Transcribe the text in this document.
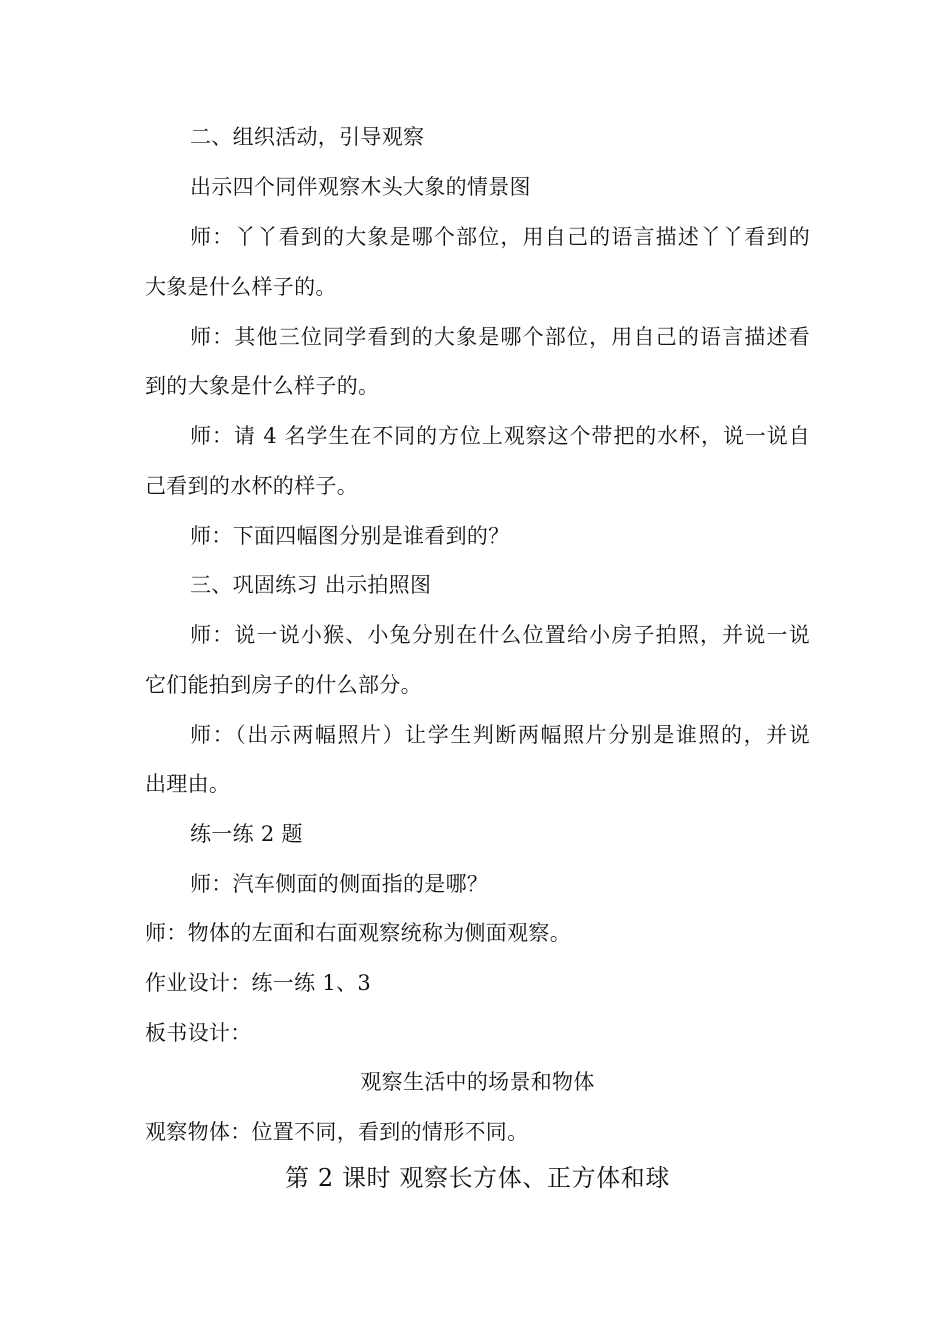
二、组织活动，引导观察
出示四个同伴观察木头大象的情景图
师：丫丫看到的大象是哪个部位，用自己的语言描述丫丫看到的
大象是什么样子的。
师：其他三位同学看到的大象是哪个部位，用自己的语言描述看
到的大象是什么样子的。
师：请 4 名学生在不同的方位上观察这个带把的水杯，说一说自
己看到的水杯的样子。
师：下面四幅图分别是谁看到的？
三、巩固练习 出示拍照图
师：说一说小猴、小兔分别在什么位置给小房子拍照，并说一说
它们能拍到房子的什么部分。
师：（出示两幅照片）让学生判断两幅照片分别是谁照的，并说
出理由。
练一练 2 题
师：汽车侧面的侧面指的是哪？
师：物体的左面和右面观察统称为侧面观察。
作业设计：练一练 1、3
板书设计：
观察生活中的场景和物体
观察物体：位置不同，看到的情形不同。
第 2 课时 观察长方体、正方体和球
